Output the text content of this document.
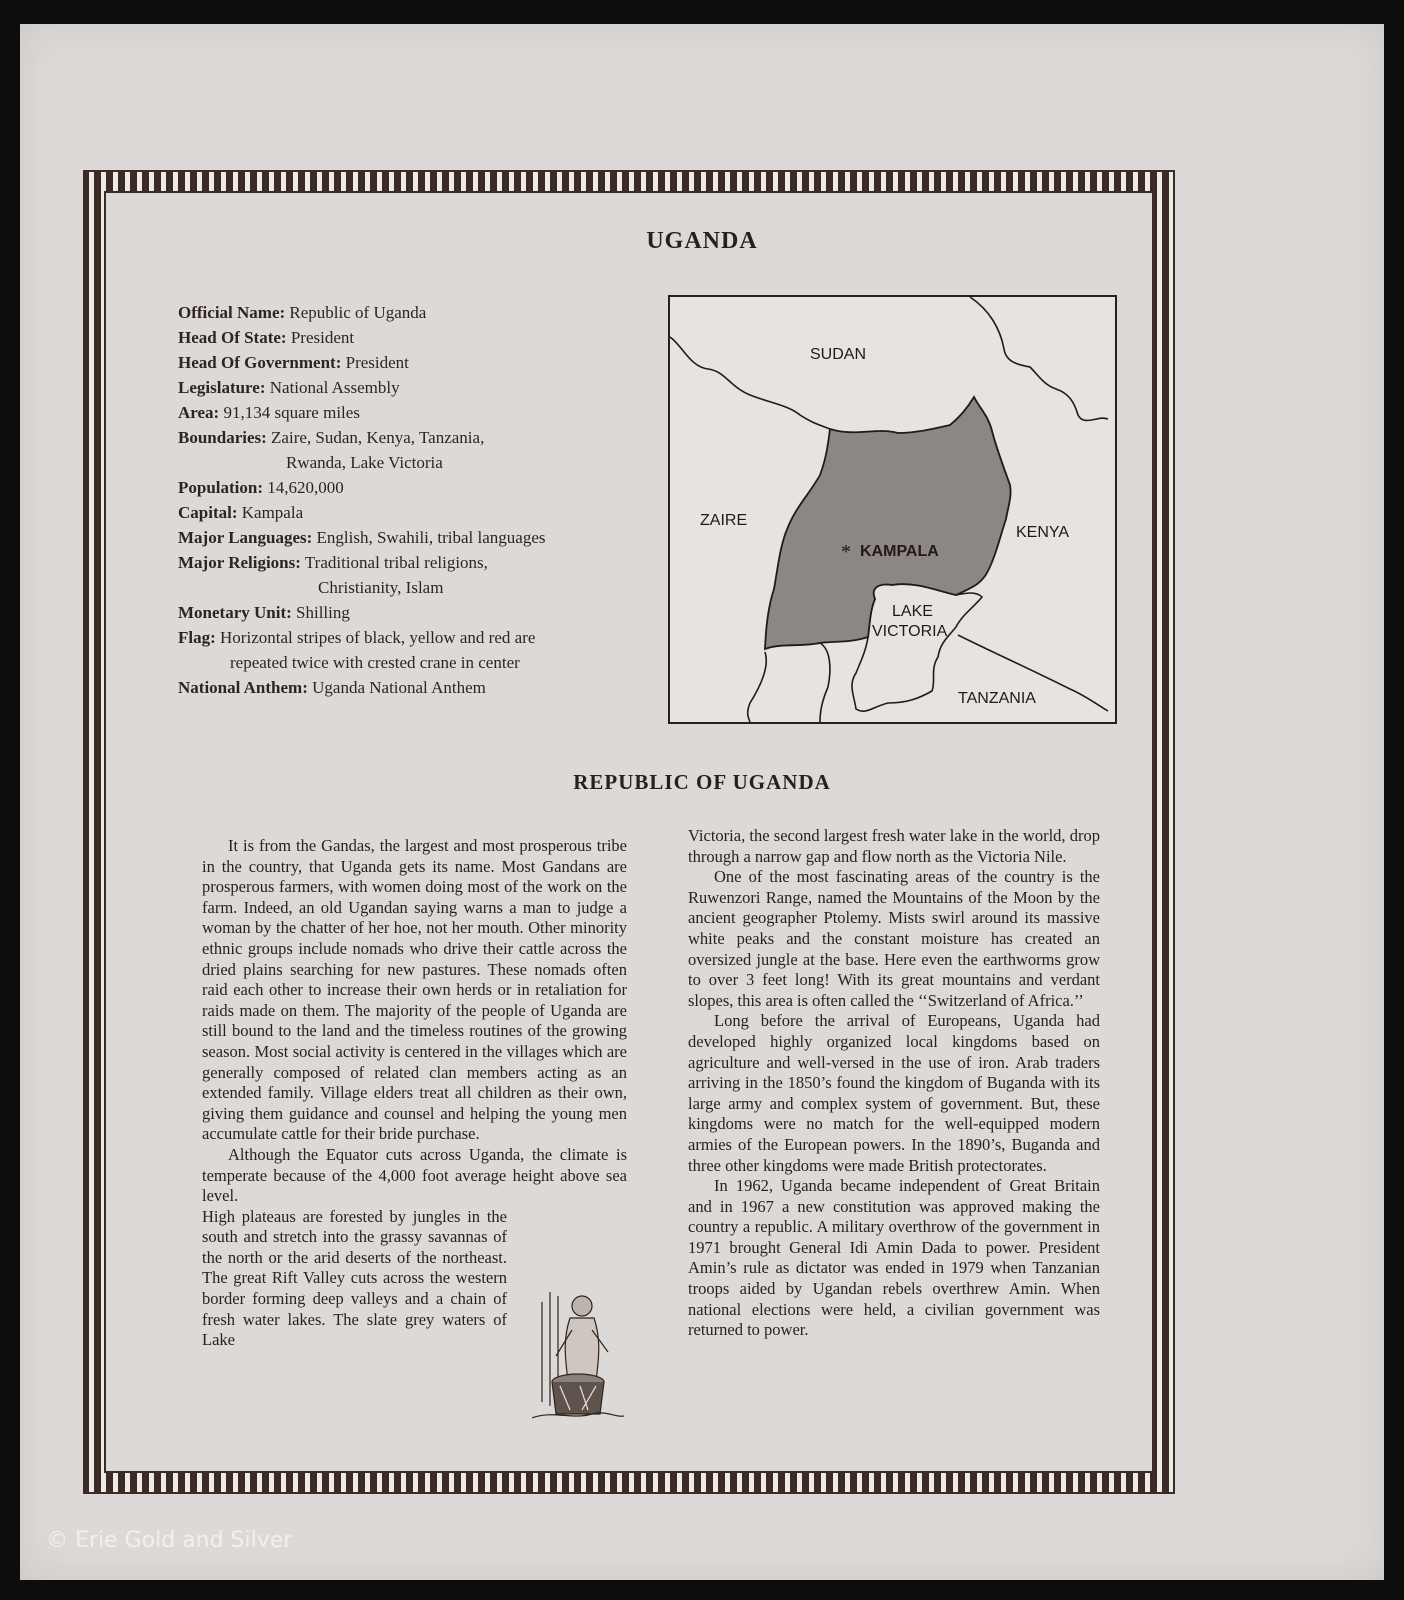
UGANDA

Official Name: Republic of Uganda

Head Of State: President

Head Of Government: President

Legislature: National Assembly

Area: 91,134 square miles

Boundaries: Zaire, Sudan, Kenya, Tanzania,
Rwanda, Lake Victoria

Population: 14,620,000

Capital: Kampala

Major Languages: English, Swahili, tribal languages

Major Religions: Traditional tribal religions,
Christianity, Islam

Monetary Unit: Shilling

Flag: Horizontal stripes of black, yellow and red are
repeated twice with crested crane in center

National Anthem: Uganda National Anthem

SUDAN
ZAIRE
KENYA
* KAMPALA
LAKE
VICTORIA
TANZANIA
REPUBLIC OF UGANDA

It is from the Gandas, the largest and most prosperous tribe in the country, that Uganda gets its name. Most Gandans are prosperous farmers, with women doing most of the work on the farm. Indeed, an old Ugandan saying warns a man to judge a woman by the chatter of her hoe, not her mouth. Other minority ethnic groups include nomads who drive their cattle across the dried plains searching for new pastures. These nomads often raid each other to increase their own herds or in retaliation for raids made on them. The majority of the people of Uganda are still bound to the land and the timeless routines of the growing season. Most social activity is centered in the villages which are generally composed of related clan members acting as an extended family. Village elders treat all children as their own, giving them guidance and counsel and helping the young men accumulate cattle for their bride purchase.

Although the Equator cuts across Uganda, the climate is temperate because of the 4,000 foot average height above sea level.

High plateaus are forested by jungles in the south and stretch into the grassy savannas of the north or the arid deserts of the northeast. The great Rift Valley cuts across the western border forming deep valleys and a chain of fresh water lakes. The slate grey waters of Lake

Victoria, the second largest fresh water lake in the world, drop through a narrow gap and flow north as the Victoria Nile.

One of the most fascinating areas of the country is the Ruwenzori Range, named the Mountains of the Moon by the ancient geographer Ptolemy. Mists swirl around its massive white peaks and the constant moisture has created an oversized jungle at the base. Here even the earthworms grow to over 3 feet long! With its great mountains and verdant slopes, this area is often called the ‘‘Switzerland of Africa.’’

Long before the arrival of Europeans, Uganda had developed highly organized local kingdoms based on agriculture and well-versed in the use of iron. Arab traders arriving in the 1850’s found the kingdom of Buganda with its large army and complex system of government. But, these kingdoms were no match for the well-equipped modern armies of the European powers. In the 1890’s, Buganda and three other kingdoms were made British protectorates.

In 1962, Uganda became independent of Great Britain and in 1967 a new constitution was approved making the country a republic. A military overthrow of the government in 1971 brought General Idi Amin Dada to power. President Amin’s rule as dictator was ended in 1979 when Tanzanian troops aided by Ugandan rebels overthrew Amin. When national elections were held, a civilian government was returned to power.

© Erie Gold and Silver
